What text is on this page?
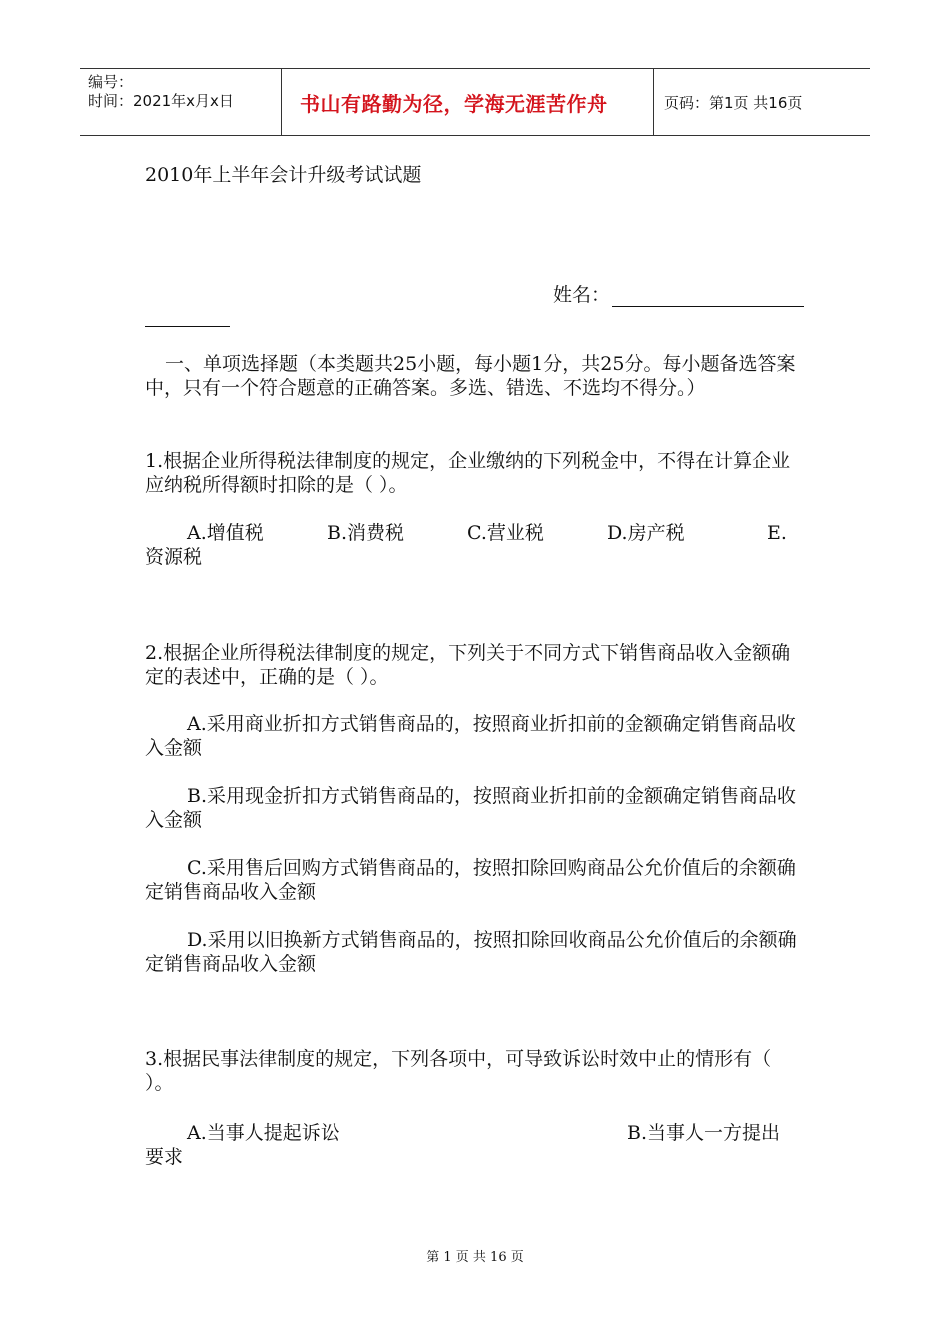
编号：
时间：2021年x月x日	书山有路勤为径，学海无涯苦作舟	页码：第1页 共16页
2010年上半年会计升级考试试题
姓名：
一、单项选择题（本类题共25小题，每小题1分，共25分。每小题备选答案中，只有一个符合题意的正确答案。多选、错选、不选均不得分。）
1.根据企业所得税法律制度的规定，企业缴纳的下列税金中，不得在计算企业应纳税所得额时扣除的是（ ）。
A.增值税	B.消费税	C.营业税	D.房产税	E.
资源税
2.根据企业所得税法律制度的规定，下列关于不同方式下销售商品收入金额确定的表述中，正确的是（ ）。
A.采用商业折扣方式销售商品的，按照商业折扣前的金额确定销售商品收入金额
B.采用现金折扣方式销售商品的，按照商业折扣前的金额确定销售商品收入金额
C.采用售后回购方式销售商品的，按照扣除回购商品公允价值后的余额确定销售商品收入金额
D.采用以旧换新方式销售商品的，按照扣除回收商品公允价值后的余额确定销售商品收入金额
3.根据民事法律制度的规定，下列各项中，可导致诉讼时效中止的情形有（ ）。
A.当事人提起诉讼	B.当事人一方提出
要求
第 1 页 共 16 页
